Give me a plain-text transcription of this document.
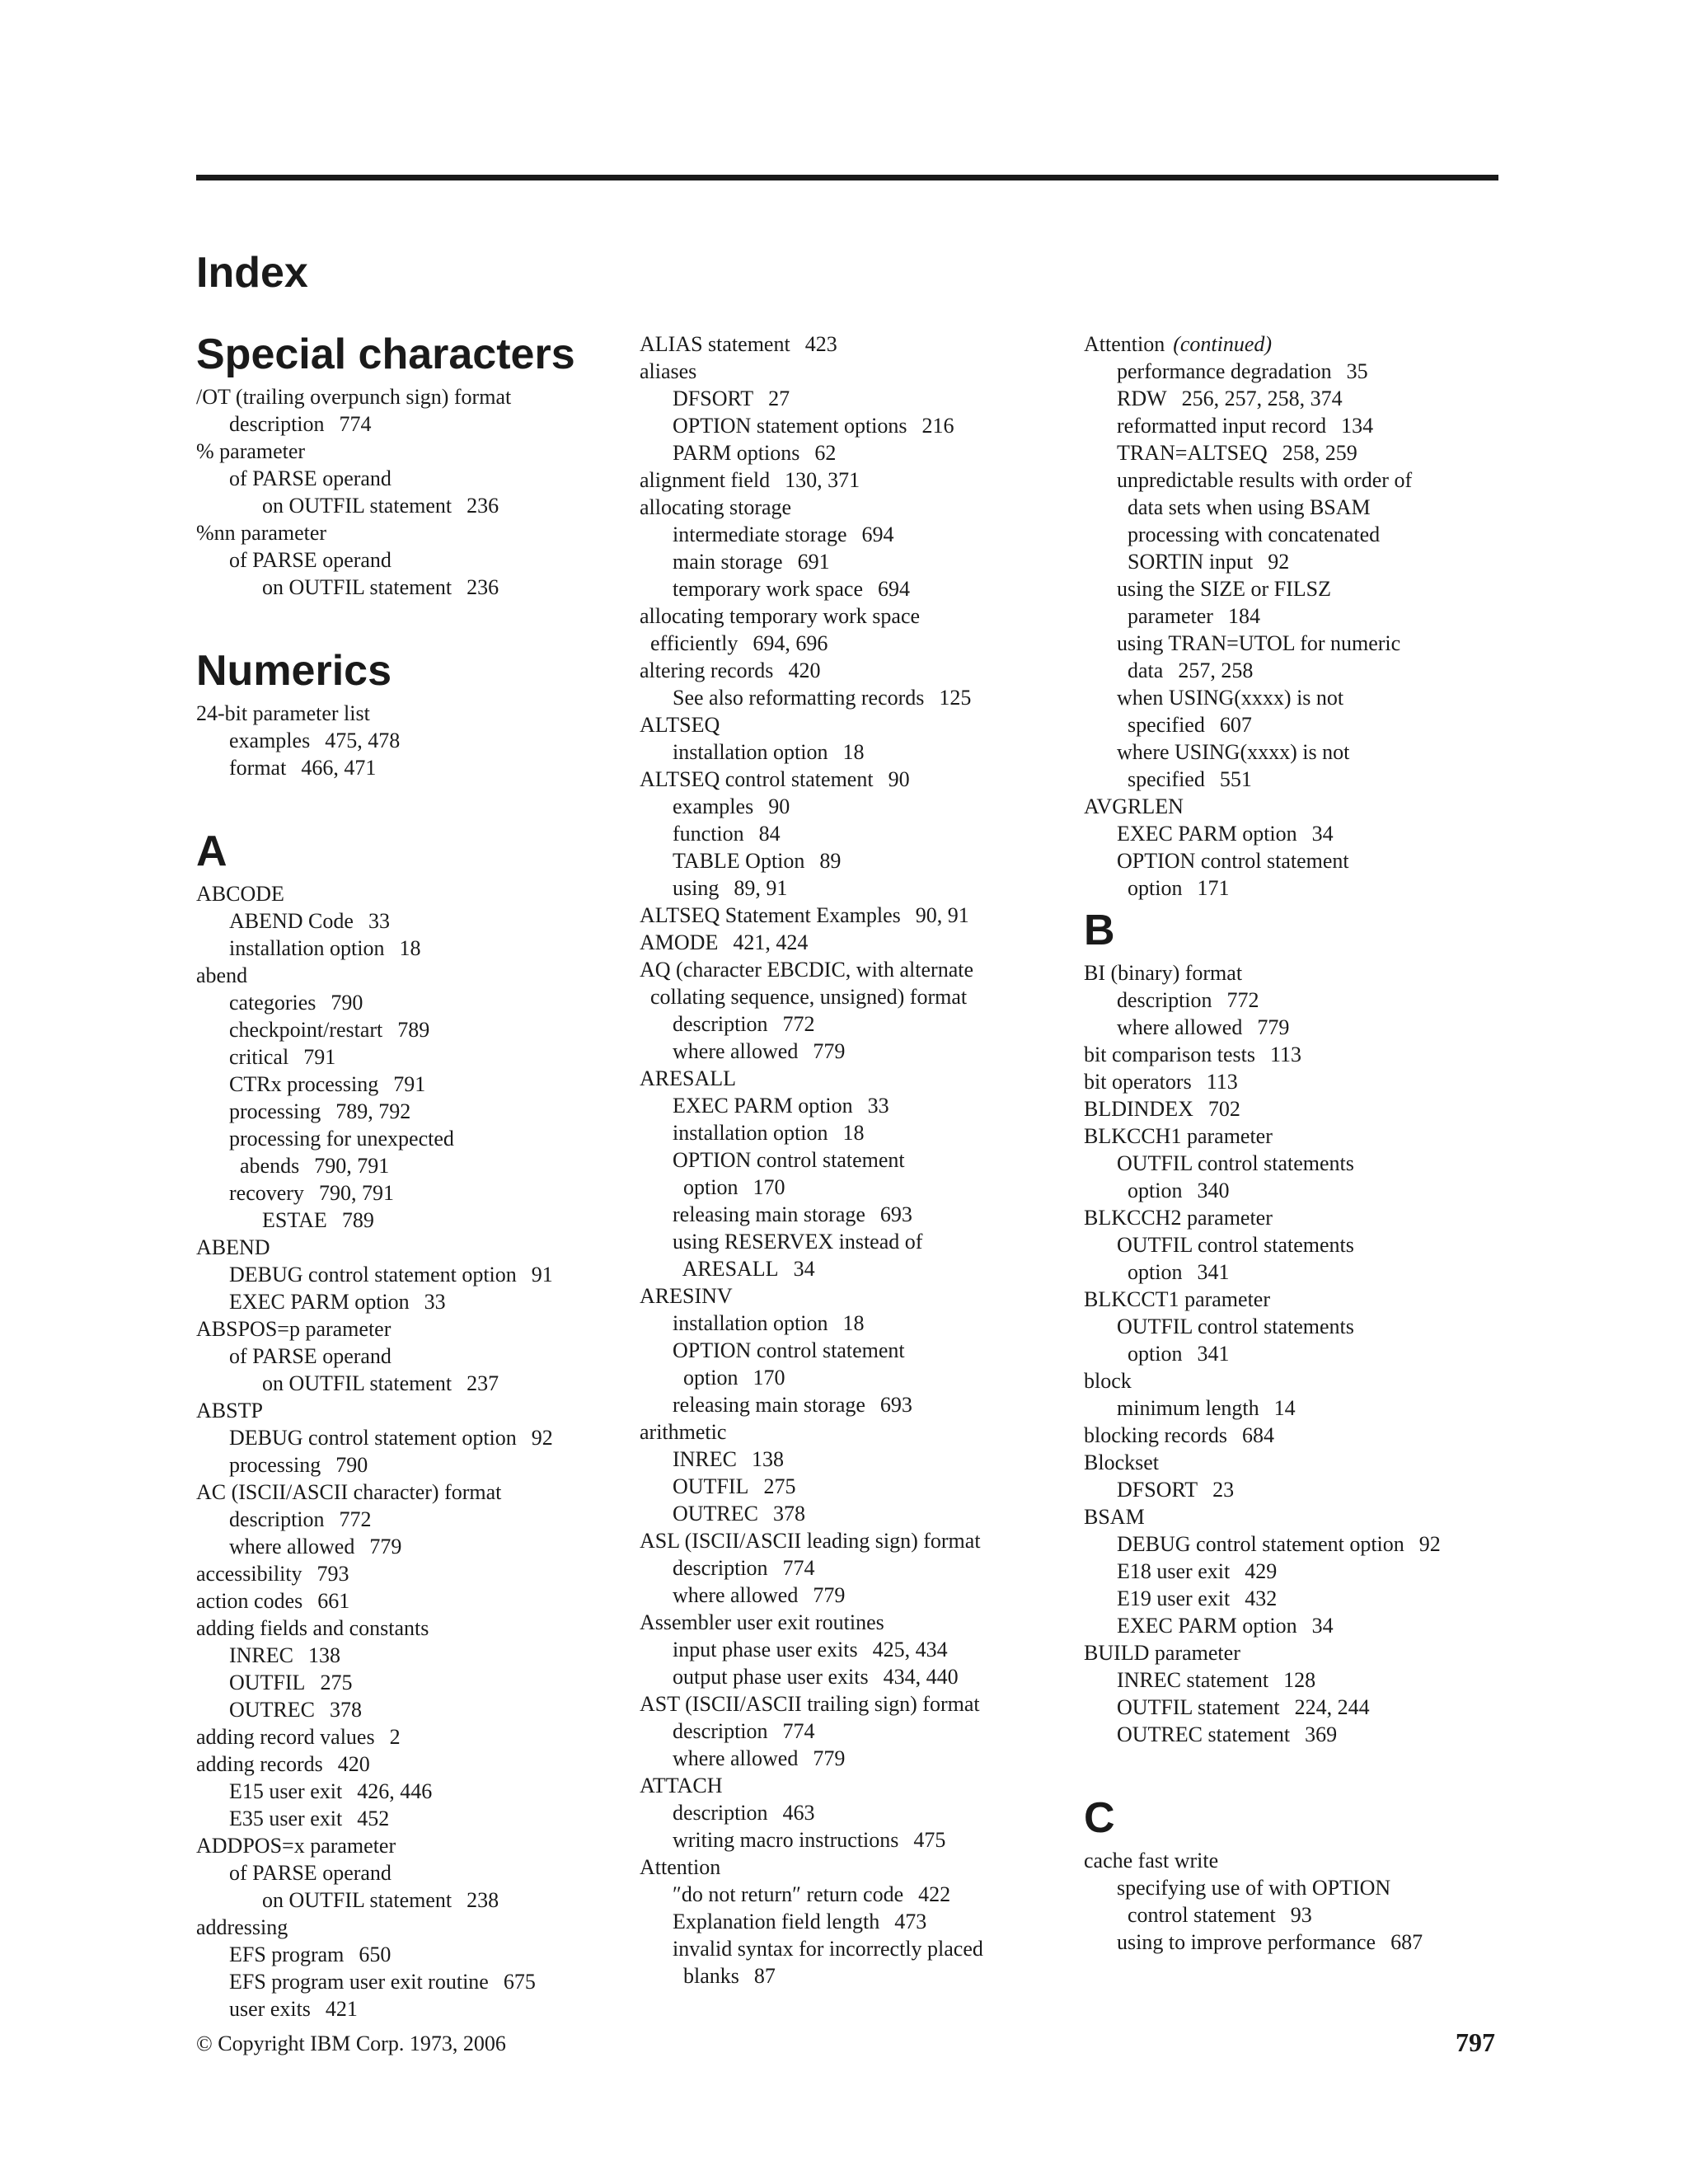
Index
Special characters
/OT (trailing overpunch sign) format
description 774
% parameter
of PARSE operand
on OUTFIL statement 236
%nn parameter
of PARSE operand
on OUTFIL statement 236
Numerics
24-bit parameter list
examples 475, 478
format 466, 471
A
ABCODE
ABEND Code 33
installation option 18
abend
categories 790
checkpoint/restart 789
critical 791
CTRx processing 791
processing 789, 792
processing for unexpected
abends 790, 791
recovery 790, 791
ESTAE 789
ABEND
DEBUG control statement option 91
EXEC PARM option 33
ABSPOS=p parameter
of PARSE operand
on OUTFIL statement 237
ABSTP
DEBUG control statement option 92
processing 790
AC (ISCII/ASCII character) format
description 772
where allowed 779
accessibility 793
action codes 661
adding fields and constants
INREC 138
OUTFIL 275
OUTREC 378
adding record values 2
adding records 420
E15 user exit 426, 446
E35 user exit 452
ADDPOS=x parameter
of PARSE operand
on OUTFIL statement 238
addressing
EFS program 650
EFS program user exit routine 675
user exits 421
ALIAS statement 423
aliases
DFSORT 27
OPTION statement options 216
PARM options 62
alignment field 130, 371
allocating storage
intermediate storage 694
main storage 691
temporary work space 694
allocating temporary work space
efficiently 694, 696
altering records 420
See also reformatting records 125
ALTSEQ
installation option 18
ALTSEQ control statement 90
examples 90
function 84
TABLE Option 89
using 89, 91
ALTSEQ Statement Examples 90, 91
AMODE 421, 424
AQ (character EBCDIC, with alternate
collating sequence, unsigned) format
description 772
where allowed 779
ARESALL
EXEC PARM option 33
installation option 18
OPTION control statement
option 170
releasing main storage 693
using RESERVEX instead of
ARESALL 34
ARESINV
installation option 18
OPTION control statement
option 170
releasing main storage 693
arithmetic
INREC 138
OUTFIL 275
OUTREC 378
ASL (ISCII/ASCII leading sign) format
description 774
where allowed 779
Assembler user exit routines
input phase user exits 425, 434
output phase user exits 434, 440
AST (ISCII/ASCII trailing sign) format
description 774
where allowed 779
ATTACH
description 463
writing macro instructions 475
Attention
″do not return″ return code 422
Explanation field length 473
invalid syntax for incorrectly placed
blanks 87
Attention (continued)
performance degradation 35
RDW 256, 257, 258, 374
reformatted input record 134
TRAN=ALTSEQ 258, 259
unpredictable results with order of
data sets when using BSAM
processing with concatenated
SORTIN input 92
using the SIZE or FILSZ
parameter 184
using TRAN=UTOL for numeric
data 257, 258
when USING(xxxx) is not
specified 607
where USING(xxxx) is not
specified 551
AVGRLEN
EXEC PARM option 34
OPTION control statement
option 171
B
BI (binary) format
description 772
where allowed 779
bit comparison tests 113
bit operators 113
BLDINDEX 702
BLKCCH1 parameter
OUTFIL control statements
option 340
BLKCCH2 parameter
OUTFIL control statements
option 341
BLKCCT1 parameter
OUTFIL control statements
option 341
block
minimum length 14
blocking records 684
Blockset
DFSORT 23
BSAM
DEBUG control statement option 92
E18 user exit 429
E19 user exit 432
EXEC PARM option 34
BUILD parameter
INREC statement 128
OUTFIL statement 224, 244
OUTREC statement 369
C
cache fast write
specifying use of with OPTION
control statement 93
using to improve performance 687
© Copyright IBM Corp. 1973, 2006	797
